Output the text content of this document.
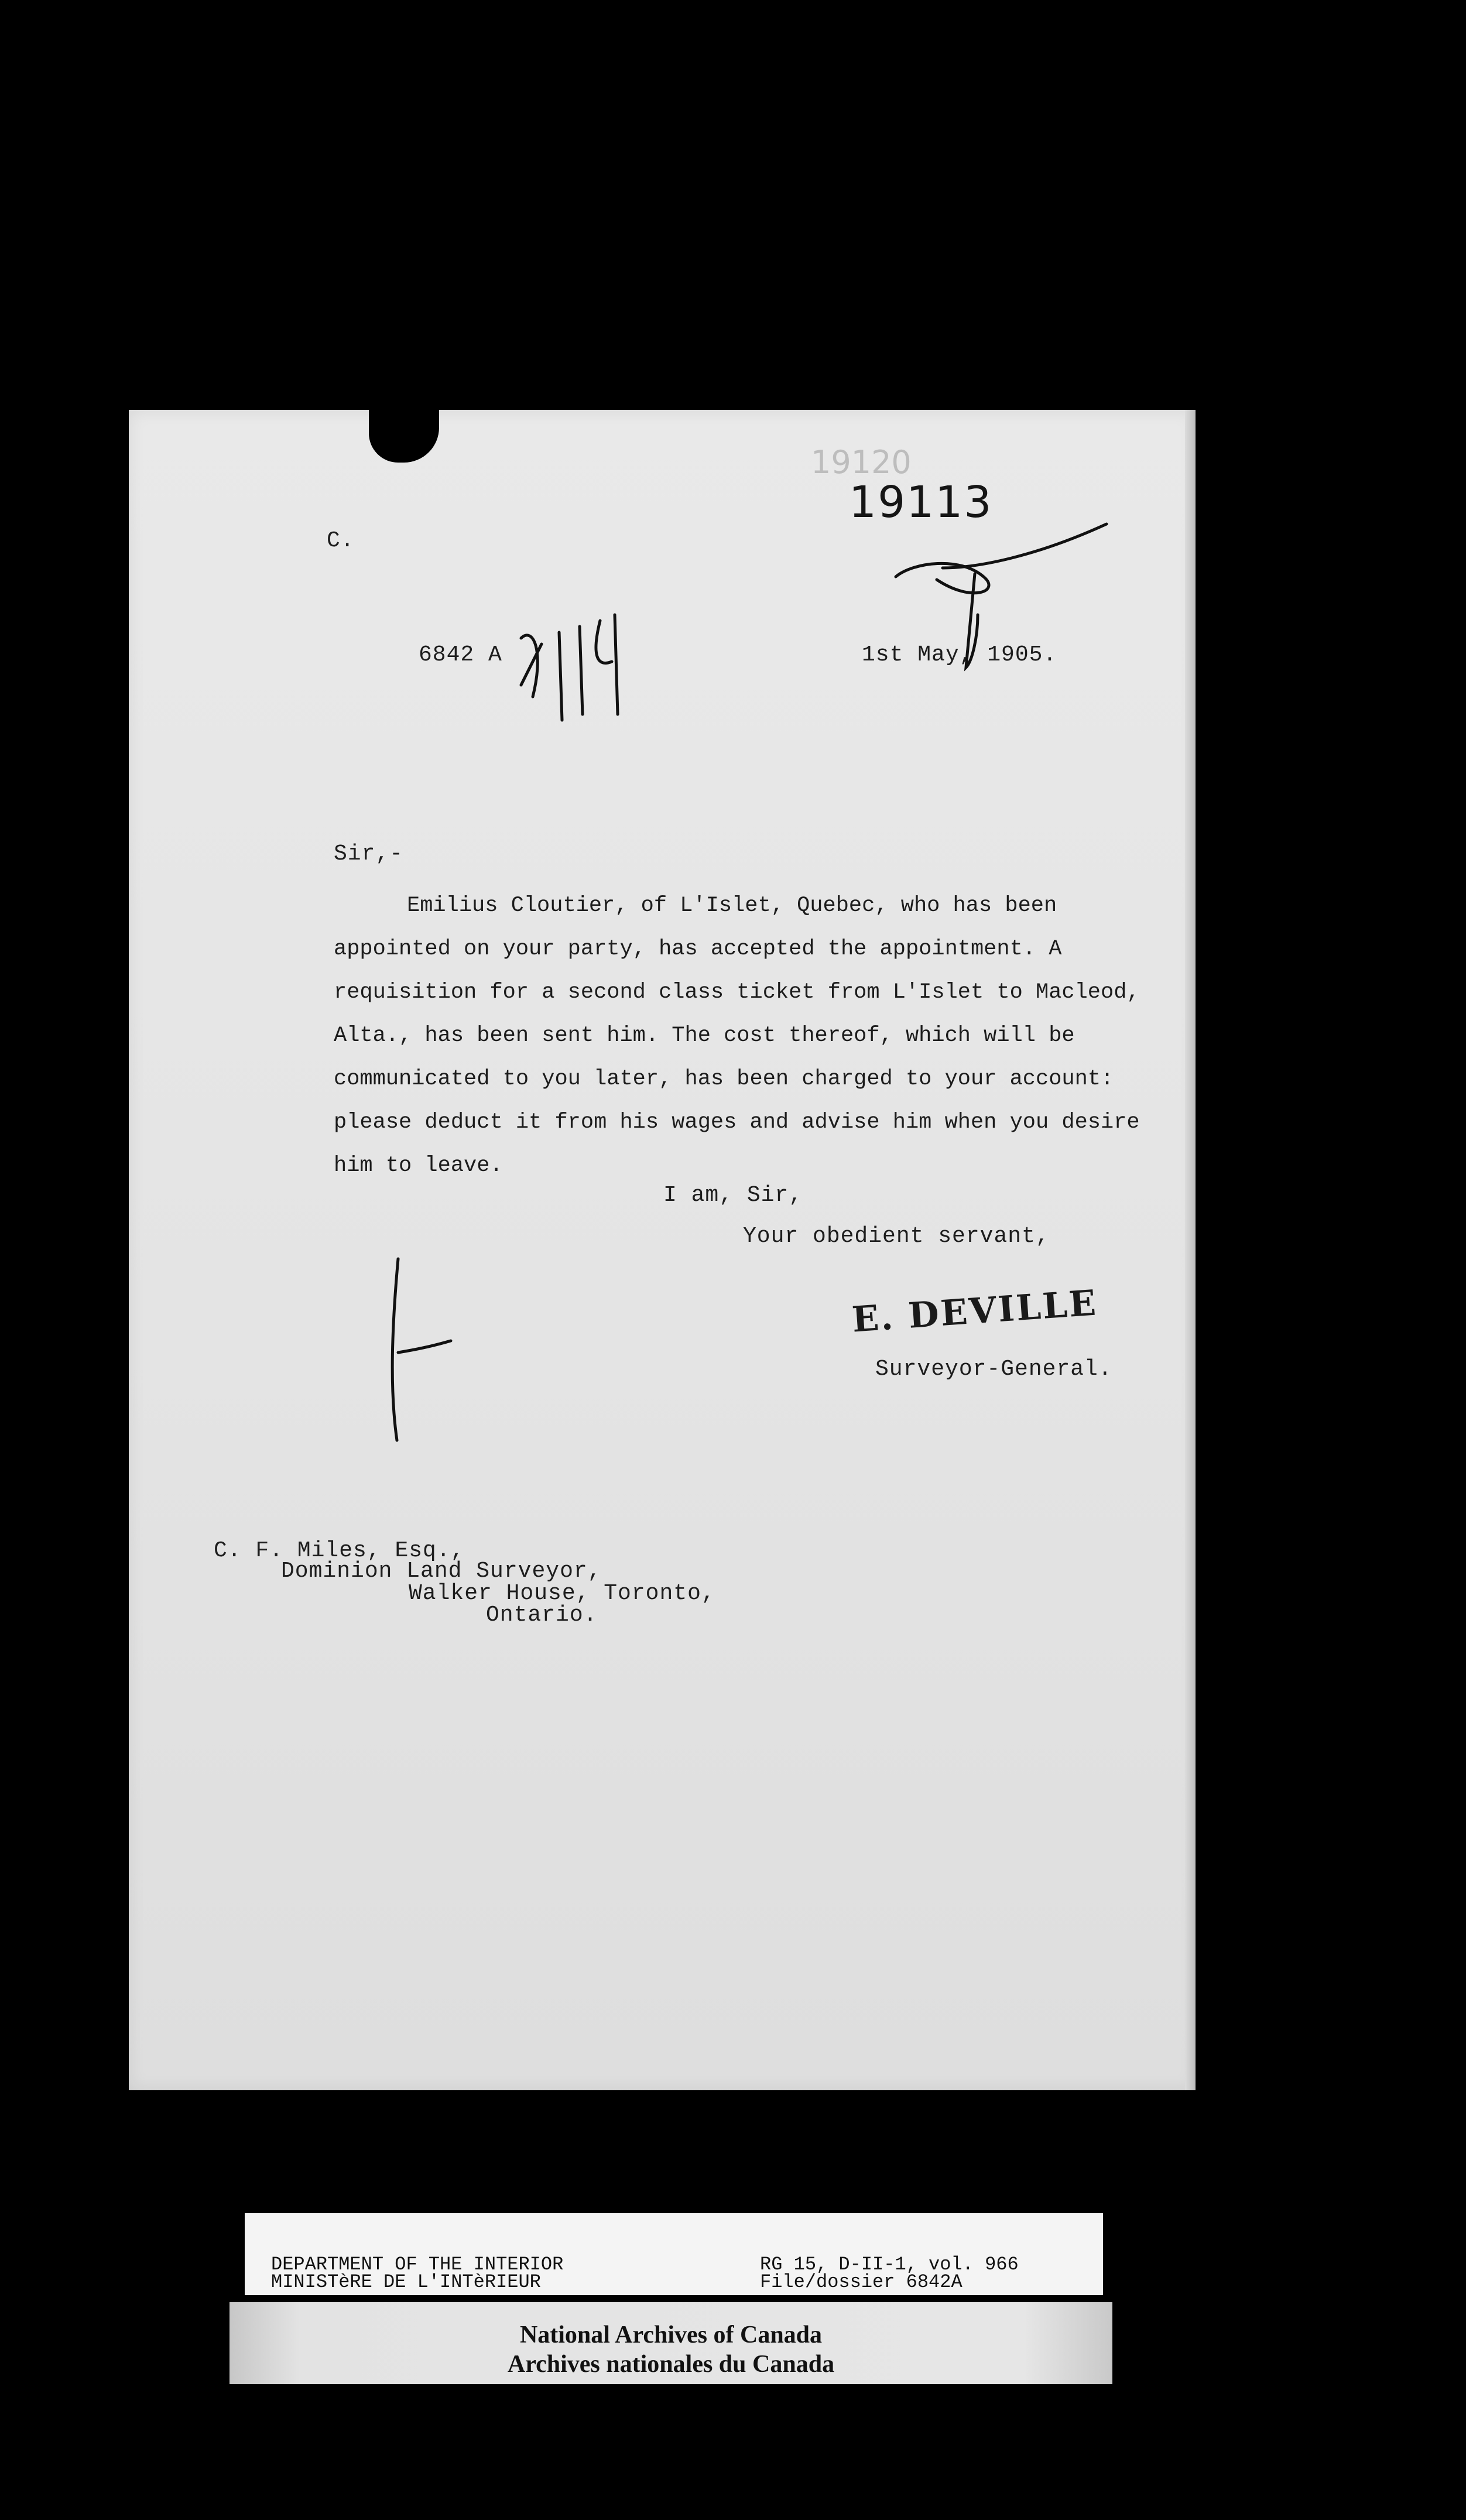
19120
19113
C.
6842 A	1st May, 1905.
Sir,-

Emilius Cloutier, of L'Islet, Quebec, who has been

appointed on your party, has accepted the appointment. A

requisition for a second class ticket from L'Islet to Macleod,

Alta., has been sent him. The cost thereof, which will be

communicated to you later, has been charged to your account:

please deduct it from his wages and advise him when you desire

him to leave.

I am, Sir,
Your obedient servant,
E. DEVILLE
Surveyor-General.
C. F. Miles, Esq.,
Dominion Land Surveyor,
Walker House, Toronto,
Ontario.
DEPARTMENT OF THE INTERIOR
MINISTèRE DE L'INTèRIEUR
RG 15, D-II-1, vol. 966
File/dossier 6842A
National Archives of Canada
Archives nationales du Canada
